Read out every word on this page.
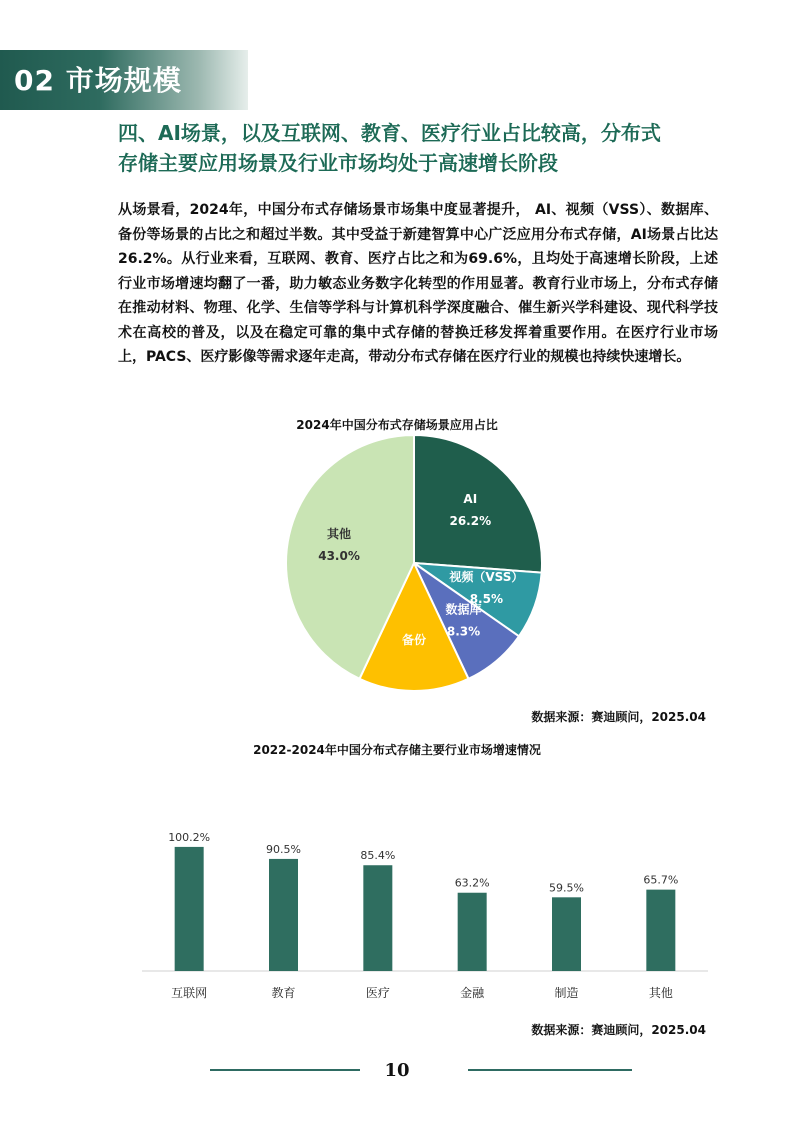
02 市场规模
四、AI场景，以及互联网、教育、医疗行业占比较高，分布式
存储主要应用场景及行业市场均处于高速增长阶段
从场景看，2024年，中国分布式存储场景市场集中度显著提升， AI、视频（VSS）、数据库、备份等场景的占比之和超过半数。其中受益于新建智算中心广泛应用分布式存储，AI场景占比达26.2%。从行业来看，互联网、教育、医疗占比之和为69.6%，且均处于高速增长阶段，上述行业市场增速均翻了一番，助力敏态业务数字化转型的作用显著。教育行业市场上，分布式存储在推动材料、物理、化学、生信等学科与计算机科学深度融合、催生新兴学科建设、现代科学技术在高校的普及，以及在稳定可靠的集中式存储的替换迁移发挥着重要作用。在医疗行业市场上，PACS、医疗影像等需求逐年走高，带动分布式存储在医疗行业的规模也持续快速增长。
2024年中国分布式存储场景应用占比
AI
26.2%
视频（VSS）
8.5%
数据库
8.3%
备份
其他
43.0%
数据来源：赛迪顾问，2025.04
2022-2024年中国分布式存储主要行业市场增速情况
100.2%
互联网
90.5%
教育
85.4%
医疗
63.2%
金融
59.5%
制造
65.7%
其他
数据来源：赛迪顾问，2025.04
10
